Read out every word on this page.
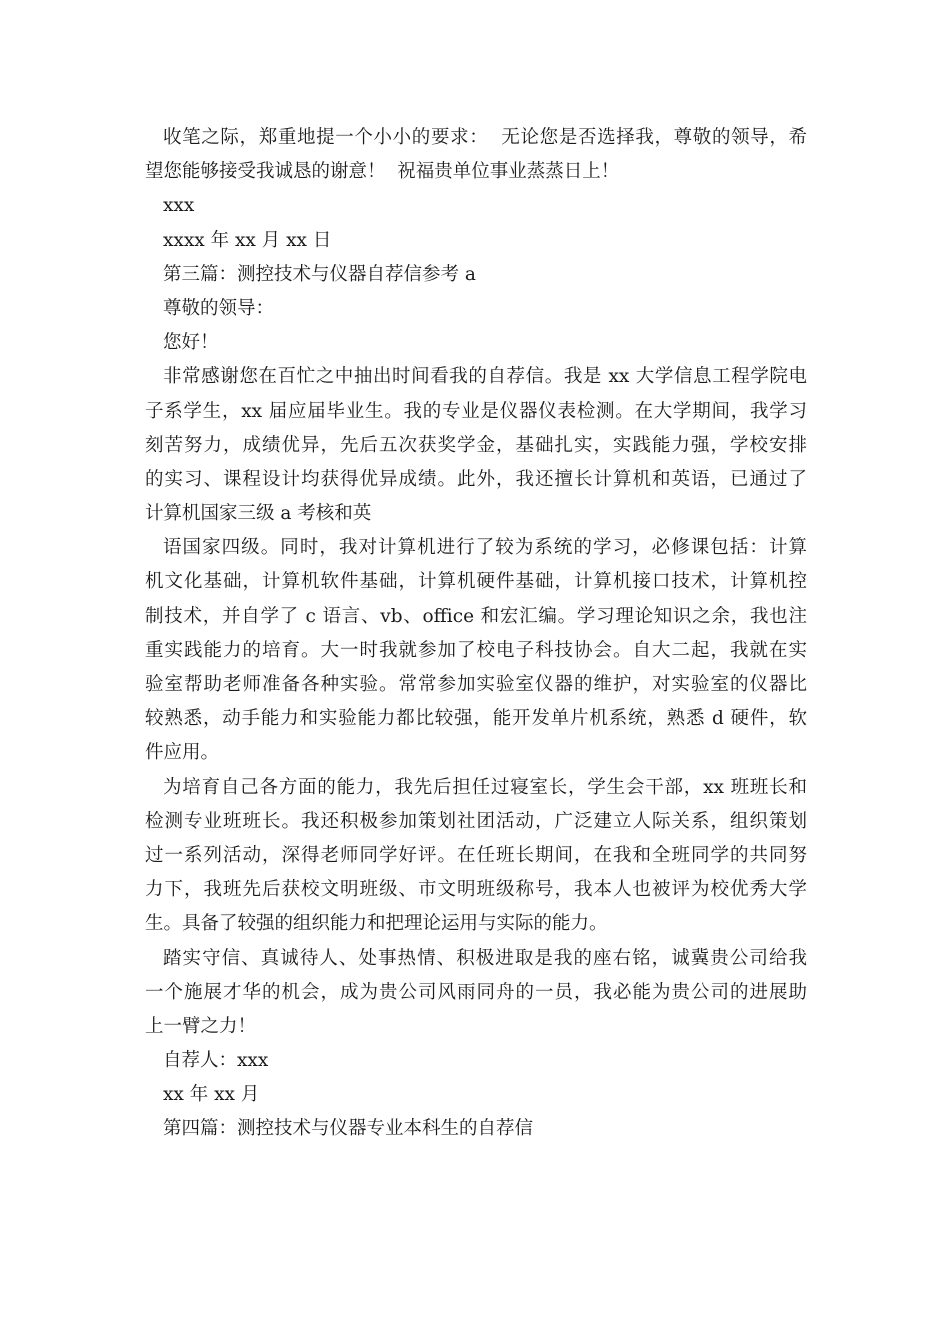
收笔之际，郑重地提一个小小的要求：  无论您是否选择我，尊敬的领导，希
望您能够接受我诚恳的谢意！  祝福贵单位事业蒸蒸日上！
xxx
xxxx 年 xx 月 xx 日
第三篇：测控技术与仪器自荐信参考 a
尊敬的领导：
您好！
非常感谢您在百忙之中抽出时间看我的自荐信。我是 xx 大学信息工程学院电
子系学生，xx 届应届毕业生。我的专业是仪器仪表检测。在大学期间，我学习
刻苦努力，成绩优异，先后五次获奖学金，基础扎实，实践能力强，学校安排
的实习、课程设计均获得优异成绩。此外，我还擅长计算机和英语，已通过了
计算机国家三级 a 考核和英
语国家四级。同时，我对计算机进行了较为系统的学习，必修课包括：计算
机文化基础，计算机软件基础，计算机硬件基础，计算机接口技术，计算机控
制技术，并自学了 c 语言、vb、office 和宏汇编。学习理论知识之余，我也注
重实践能力的培育。大一时我就参加了校电子科技协会。自大二起，我就在实
验室帮助老师准备各种实验。常常参加实验室仪器的维护，对实验室的仪器比
较熟悉，动手能力和实验能力都比较强，能开发单片机系统，熟悉 d 硬件，软
件应用。
为培育自己各方面的能力，我先后担任过寝室长，学生会干部，xx 班班长和
检测专业班班长。我还积极参加策划社团活动，广泛建立人际关系，组织策划
过一系列活动，深得老师同学好评。在任班长期间，在我和全班同学的共同努
力下，我班先后获校文明班级、市文明班级称号，我本人也被评为校优秀大学
生。具备了较强的组织能力和把理论运用与实际的能力。
踏实守信、真诚待人、处事热情、积极进取是我的座右铭，诚冀贵公司给我
一个施展才华的机会，成为贵公司风雨同舟的一员，我必能为贵公司的进展助
上一臂之力！
自荐人：xxx
xx 年 xx 月
第四篇：测控技术与仪器专业本科生的自荐信
